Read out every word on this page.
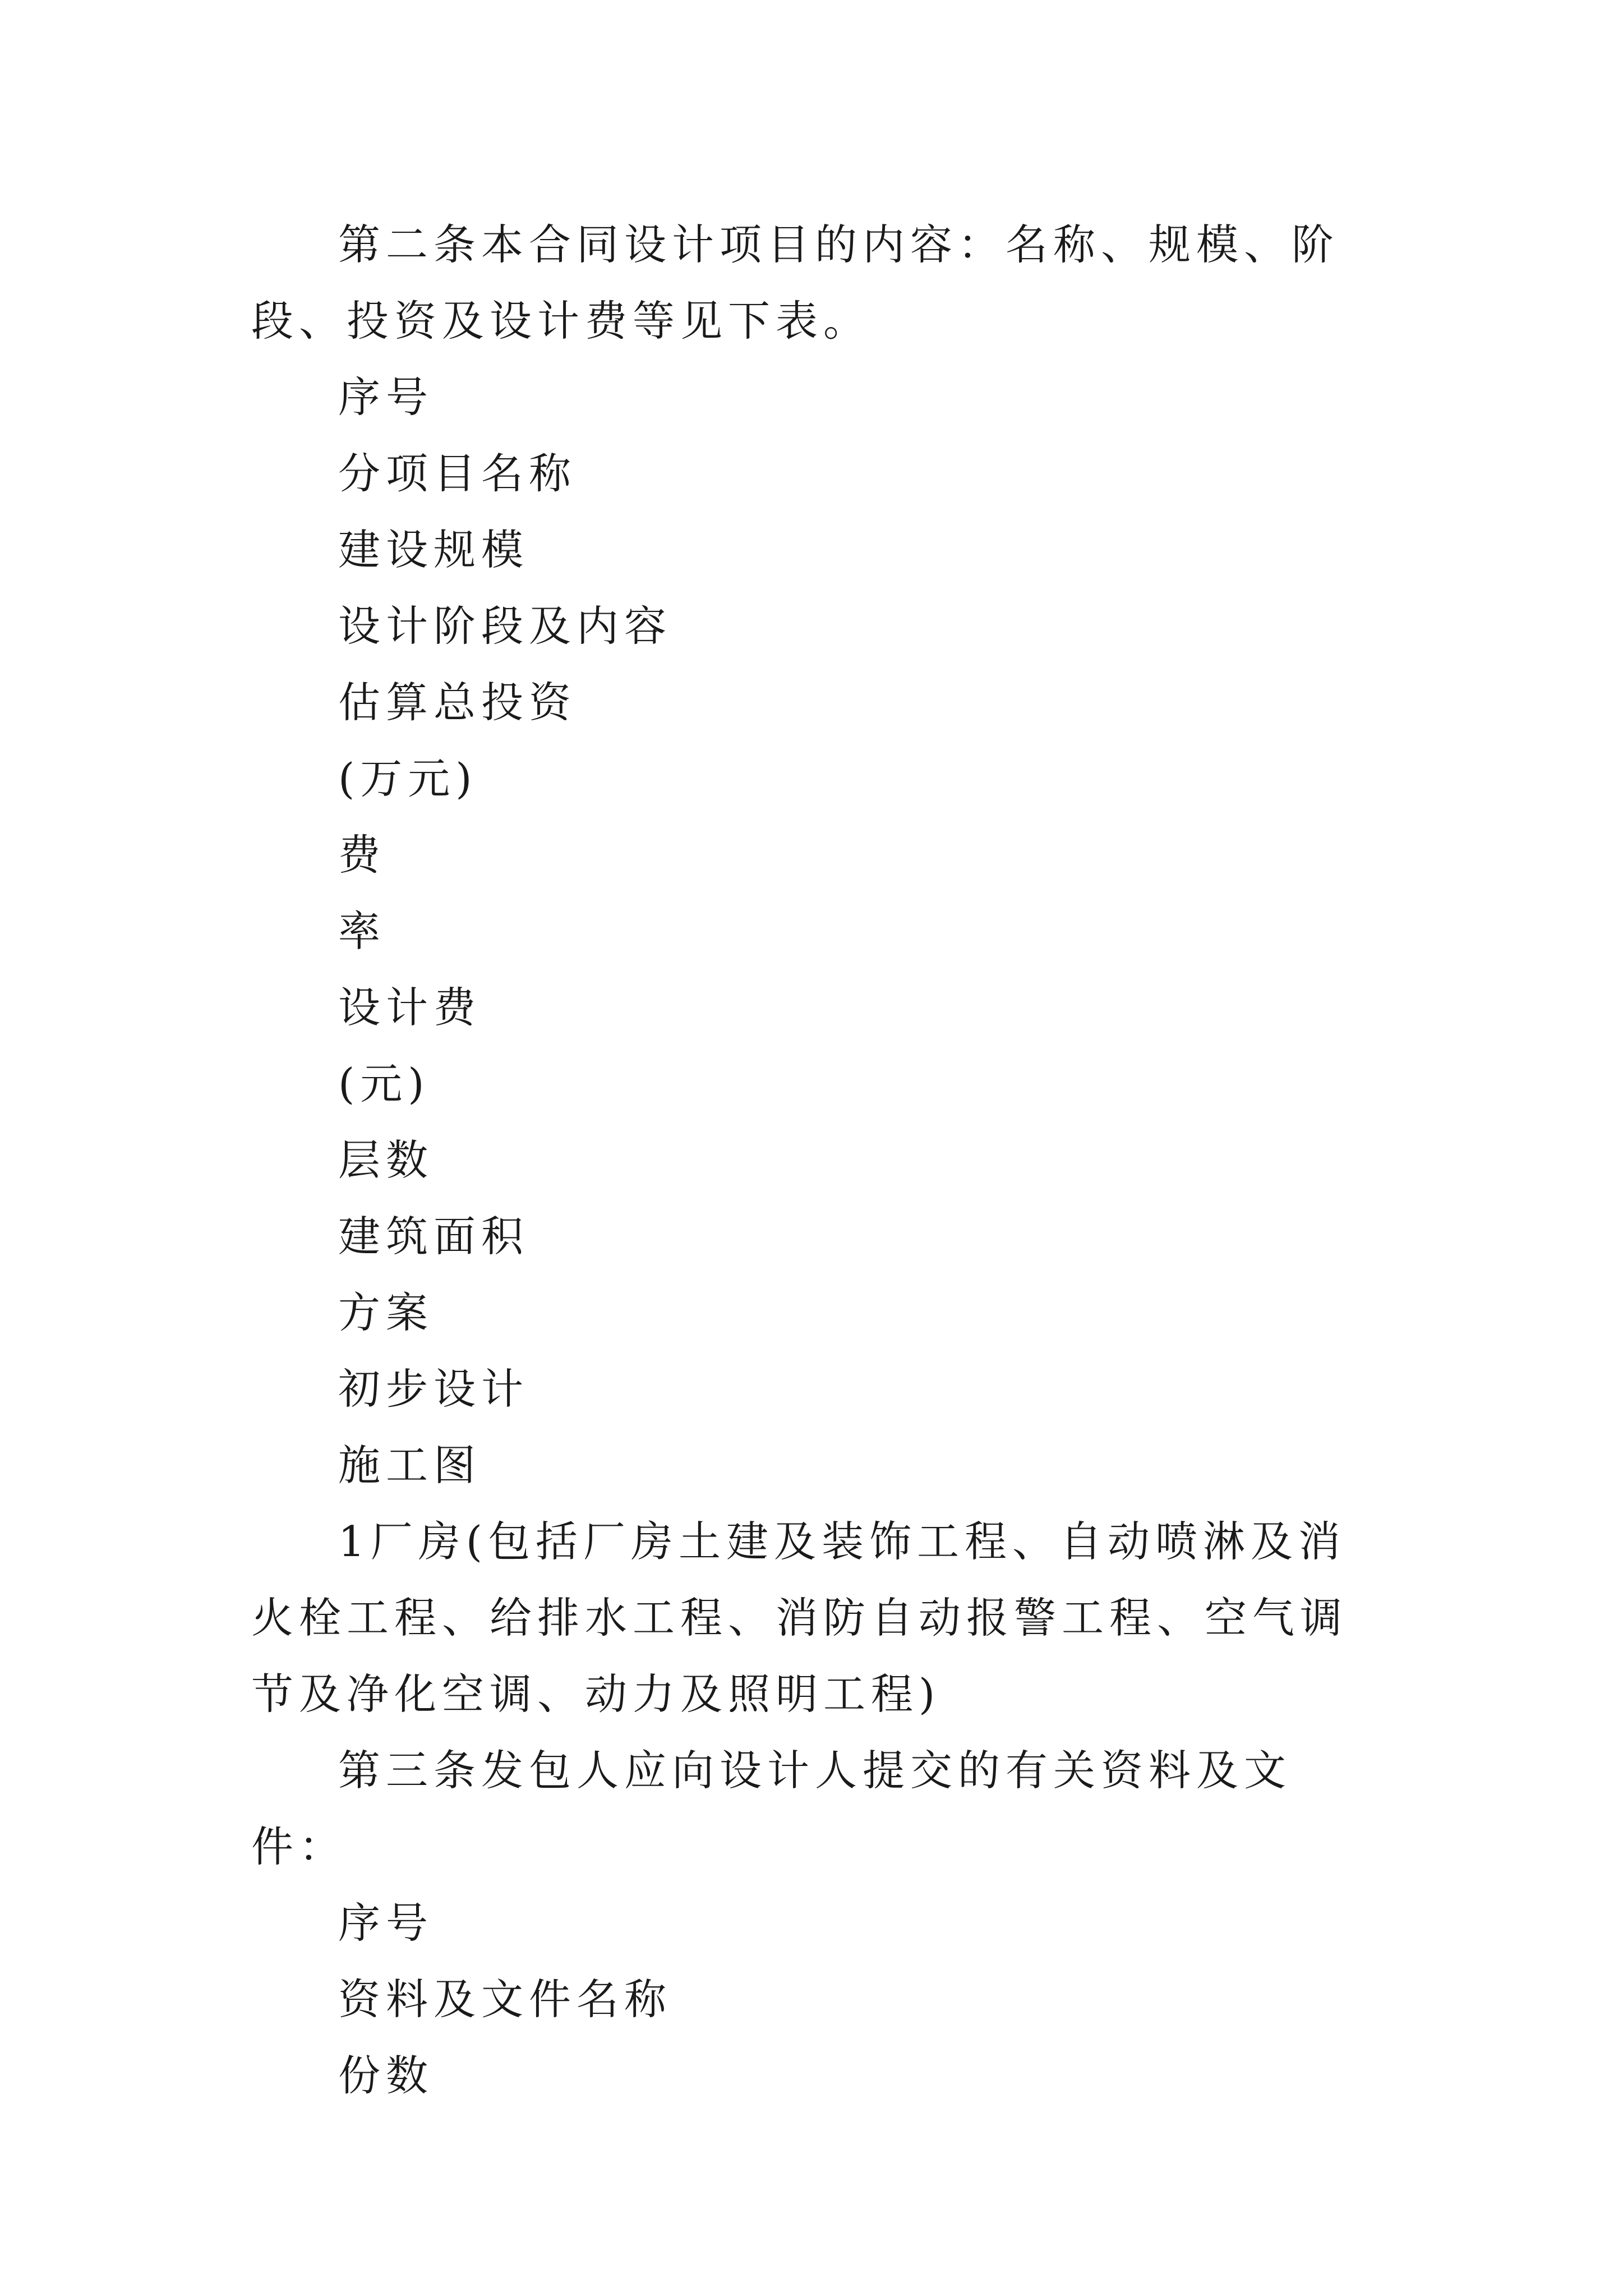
第二条本合同设计项目的内容：名称、规模、阶段、投资及设计费等见下表。

序号

分项目名称

建设规模

设计阶段及内容

估算总投资

(万元)

费

率

设计费

(元)

层数

建筑面积

方案

初步设计

施工图

1厂房(包括厂房土建及装饰工程、自动喷淋及消火栓工程、给排水工程、消防自动报警工程、空气调节及净化空调、动力及照明工程)

第三条发包人应向设计人提交的有关资料及文件：

序号

资料及文件名称

份数
